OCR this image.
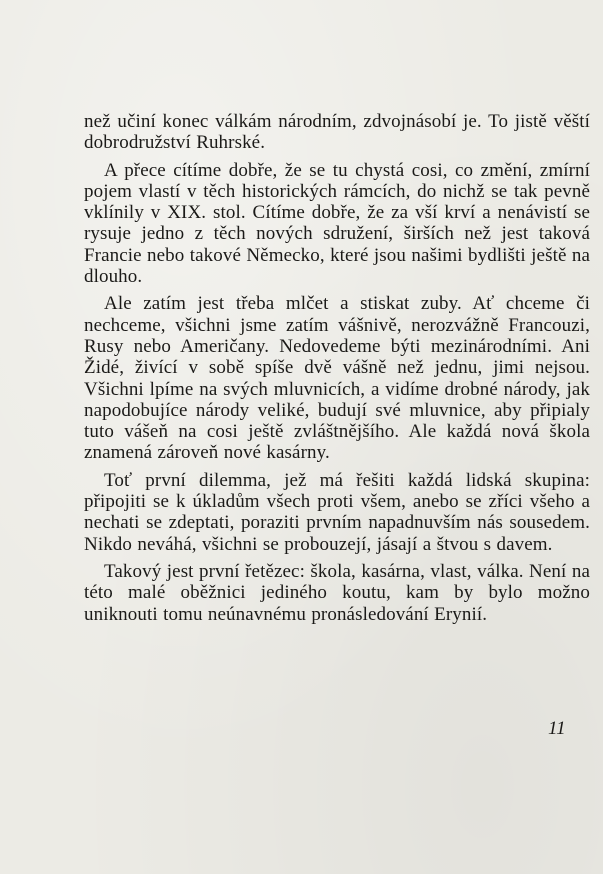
než učiní konec válkám národním, zdvojnásobí je. To jistě věští dobrodružství Ruhrské.

A přece cítíme dobře, že se tu chystá cosi, co změní, zmírní pojem vlastí v těch historických rámcích, do nichž se tak pevně vklínily v XIX. stol. Cítíme dobře, že za vší krví a nenávistí se rysuje jedno z těch nových sdružení, širších než jest taková Francie nebo takové Německo, které jsou našimi bydlišti ještě na dlouho.

Ale zatím jest třeba mlčet a stiskat zuby. Ať chceme či nechceme, všichni jsme zatím vášnivě, nerozvážně Francouzi, Rusy nebo Američany. Nedovedeme býti mezinárodními. Ani Židé, živící v sobě spíše dvě vášně než jednu, jimi nejsou. Všichni lpíme na svých mluvnicích, a vidíme drobné národy, jak napodobujíce národy veliké, budují své mluvnice, aby připialy tuto vášeň na cosi ještě zvláštnějšího. Ale každá nová škola znamená zároveň nové kasárny.

Toť první dilemma, jež má řešiti každá lidská skupina: připojiti se k úkladům všech proti všem, anebo se zříci všeho a nechati se zdeptati, poraziti prvním napadnuvším nás sousedem. Nikdo neváhá, všichni se probouzejí, jásají a štvou s davem.

Takový jest první řetězec: škola, kasárna, vlast, válka. Není na této malé oběžnici jediného koutu, kam by bylo možno uniknouti tomu neúnavnému pronásledování Erynií.

11
